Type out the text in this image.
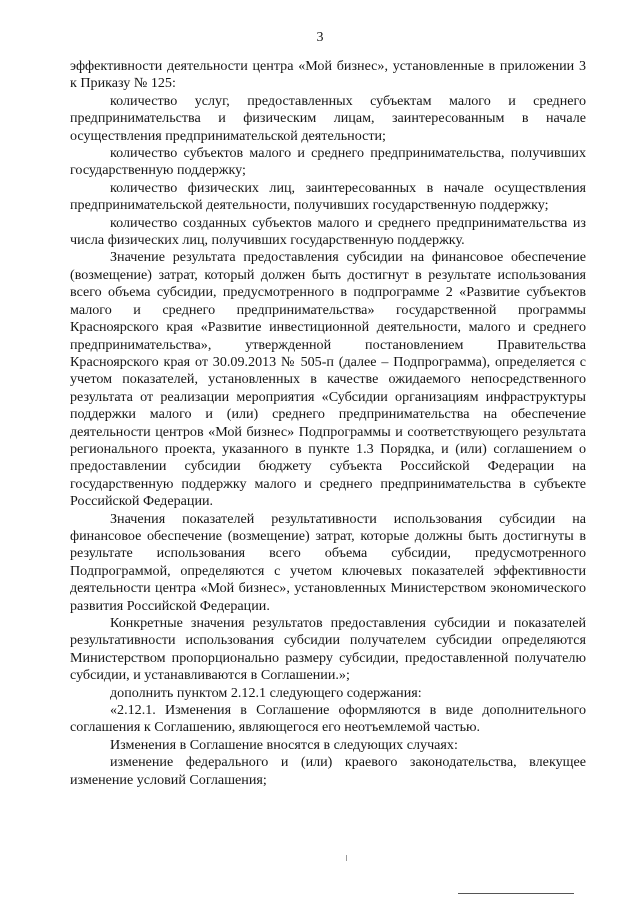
3

эффективности деятельности центра «Мой бизнес», установленные в приложении 3 к Приказу № 125:

количество услуг, предоставленных субъектам малого и среднего предпринимательства и физическим лицам, заинтересованным в начале осуществления предпринимательской деятельности;

количество субъектов малого и среднего предпринимательства, получивших государственную поддержку;

количество физических лиц, заинтересованных в начале осуществления предпринимательской деятельности, получивших государственную поддержку;

количество созданных субъектов малого и среднего предпринимательства из числа физических лиц, получивших государственную поддержку.

Значение результата предоставления субсидии на финансовое обеспечение (возмещение) затрат, который должен быть достигнут в результате использования всего объема субсидии, предусмотренного в подпрограмме 2 «Развитие субъектов малого и среднего предпринимательства» государственной программы Красноярского края «Развитие инвестиционной деятельности, малого и среднего предпринимательства», утвержденной постановлением Правительства Красноярского края от 30.09.2013 № 505-п (далее – Подпрограмма), определяется с учетом показателей, установленных в качестве ожидаемого непосредственного результата от реализации мероприятия «Субсидии организациям инфраструктуры поддержки малого и (или) среднего предпринимательства на обеспечение деятельности центров «Мой бизнес» Подпрограммы и соответствующего результата регионального проекта, указанного в пункте 1.3 Порядка, и (или) соглашением о предоставлении субсидии бюджету субъекта Российской Федерации на государственную поддержку малого и среднего предпринимательства в субъекте Российской Федерации.

Значения показателей результативности использования субсидии на финансовое обеспечение (возмещение) затрат, которые должны быть достигнуты в результате использования всего объема субсидии, предусмотренного Подпрограммой, определяются с учетом ключевых показателей эффективности деятельности центра «Мой бизнес», установленных Министерством экономического развития Российской Федерации.

Конкретные значения результатов предоставления субсидии и показателей результативности использования субсидии получателем субсидии определяются Министерством пропорционально размеру субсидии, предоставленной получателю субсидии, и устанавливаются в Соглашении.»;

дополнить пунктом 2.12.1 следующего содержания:

«2.12.1. Изменения в Соглашение оформляются в виде дополнительного соглашения к Соглашению, являющегося его неотъемлемой частью.

Изменения в Соглашение вносятся в следующих случаях:

изменение федерального и (или) краевого законодательства, влекущее изменение условий Соглашения;
